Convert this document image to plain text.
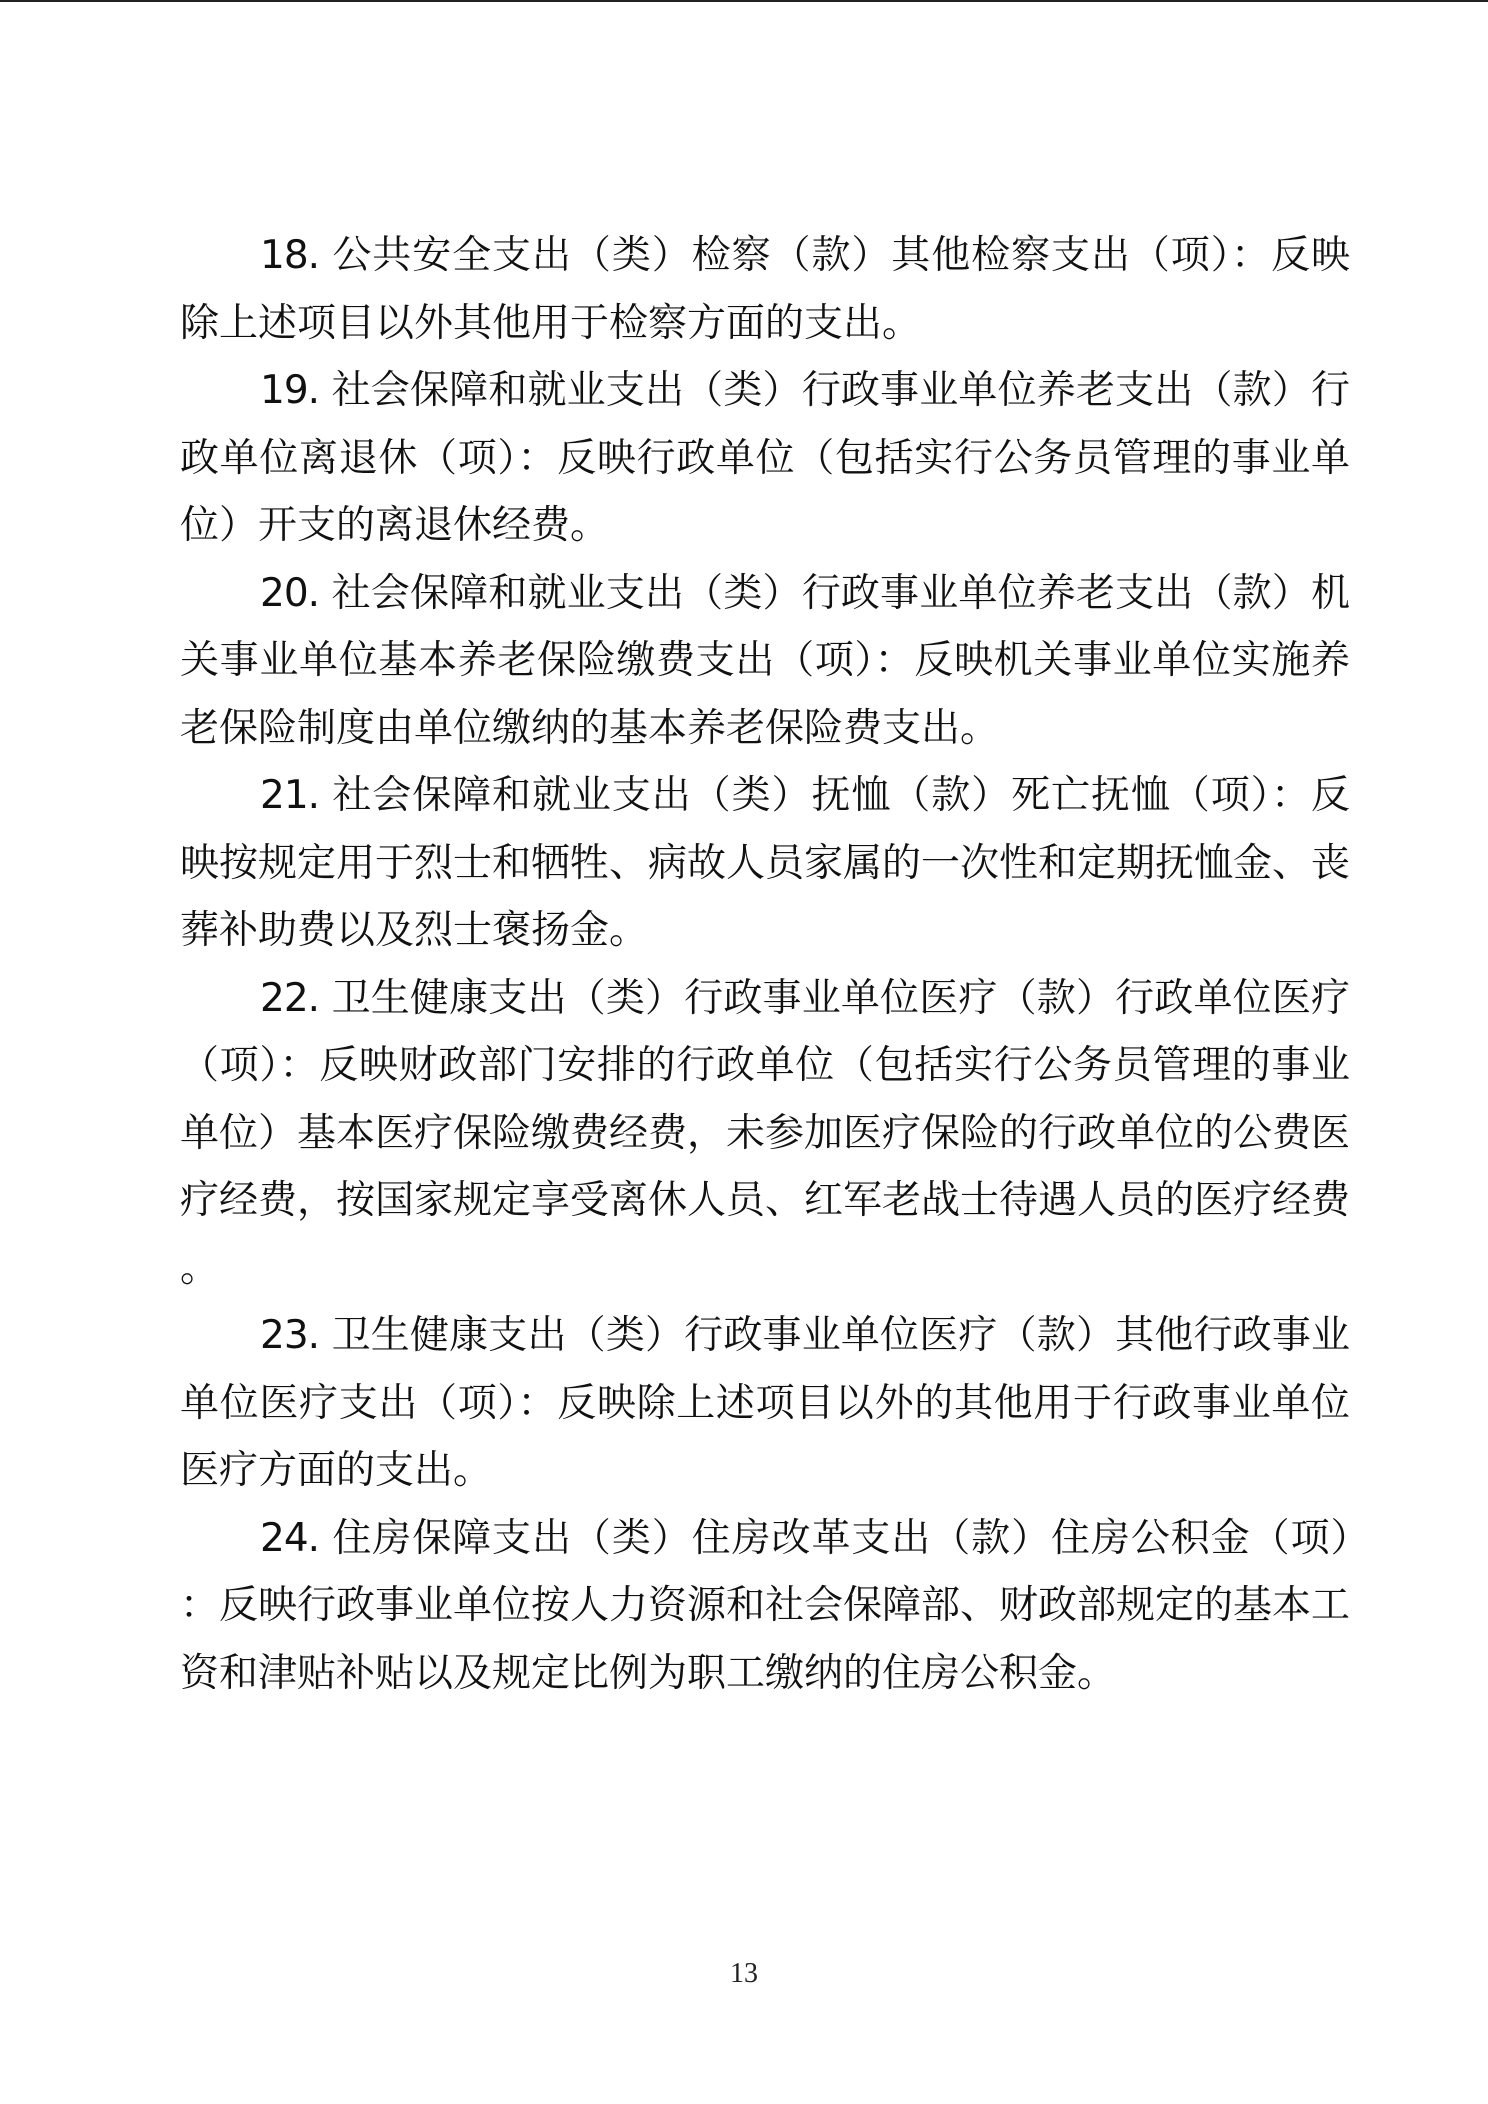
18. 公共安全支出（类）检察（款）其他检察支出（项）：反映除上述项目以外其他用于检察方面的支出。

19. 社会保障和就业支出（类）行政事业单位养老支出（款）行政单位离退休（项）：反映行政单位（包括实行公务员管理的事业单位）开支的离退休经费。

20. 社会保障和就业支出（类）行政事业单位养老支出（款）机关事业单位基本养老保险缴费支出（项）：反映机关事业单位实施养老保险制度由单位缴纳的基本养老保险费支出。

21. 社会保障和就业支出（类）抚恤（款）死亡抚恤（项）：反映按规定用于烈士和牺牲、病故人员家属的一次性和定期抚恤金、丧葬补助费以及烈士褒扬金。

22. 卫生健康支出（类）行政事业单位医疗（款）行政单位医疗（项）：反映财政部门安排的行政单位（包括实行公务员管理的事业单位）基本医疗保险缴费经费，未参加医疗保险的行政单位的公费医疗经费，按国家规定享受离休人员、红军老战士待遇人员的医疗经费。

23. 卫生健康支出（类）行政事业单位医疗（款）其他行政事业单位医疗支出（项）：反映除上述项目以外的其他用于行政事业单位医疗方面的支出。

24. 住房保障支出（类）住房改革支出（款）住房公积金（项）：反映行政事业单位按人力资源和社会保障部、财政部规定的基本工资和津贴补贴以及规定比例为职工缴纳的住房公积金。

13
